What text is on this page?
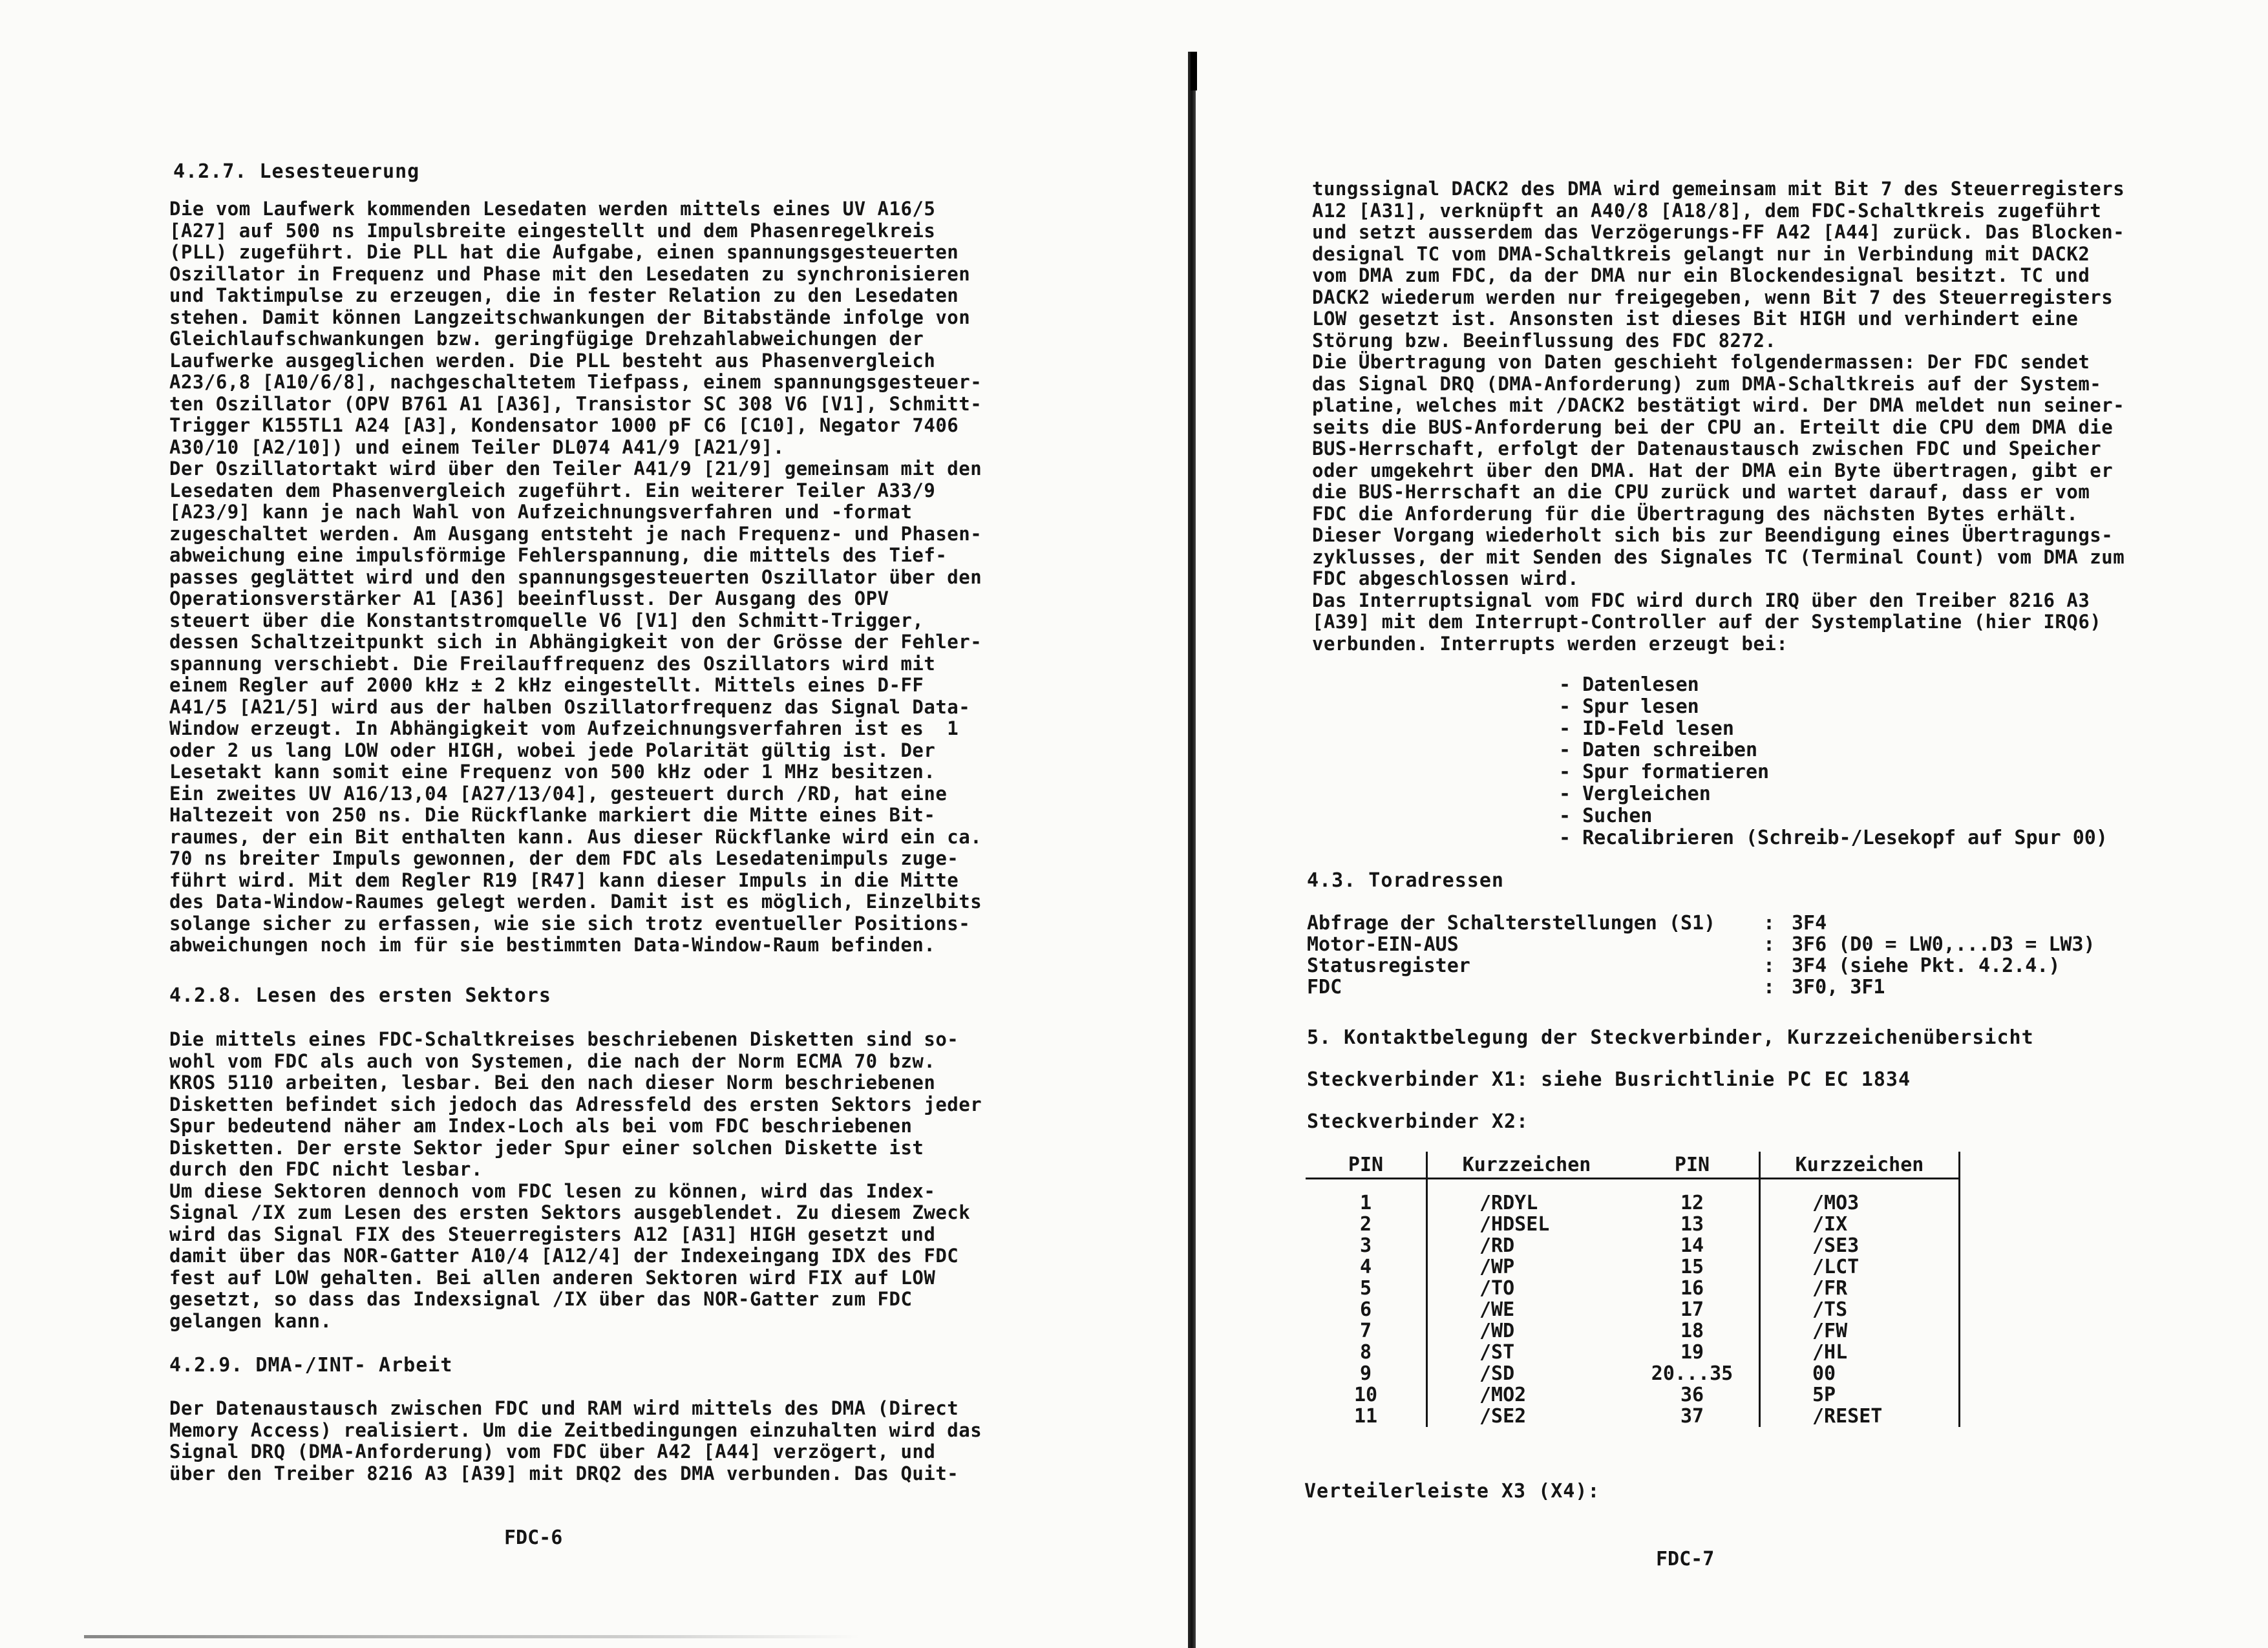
4.2.7. Lesesteuerung
Die vom Laufwerk kommenden Lesedaten werden mittels eines UV A16/5
[A27] auf 500 ns Impulsbreite eingestellt und dem Phasenregelkreis
(PLL) zugeführt. Die PLL hat die Aufgabe, einen spannungsgesteuerten
Oszillator in Frequenz und Phase mit den Lesedaten zu synchronisieren
und Taktimpulse zu erzeugen, die in fester Relation zu den Lesedaten
stehen. Damit können Langzeitschwankungen der Bitabstände infolge von
Gleichlaufschwankungen bzw. geringfügige Drehzahlabweichungen der
Laufwerke ausgeglichen werden. Die PLL besteht aus Phasenvergleich
A23/6,8 [A10/6/8], nachgeschaltetem Tiefpass, einem spannungsgesteuer-
ten Oszillator (OPV B761 A1 [A36], Transistor SC 308 V6 [V1], Schmitt-
Trigger K155TL1 A24 [A3], Kondensator 1000 pF C6 [C10], Negator 7406
A30/10 [A2/10]) und einem Teiler DL074 A41/9 [A21/9].
Der Oszillatortakt wird über den Teiler A41/9 [21/9] gemeinsam mit den
Lesedaten dem Phasenvergleich zugeführt. Ein weiterer Teiler A33/9
[A23/9] kann je nach Wahl von Aufzeichnungsverfahren und -format
zugeschaltet werden. Am Ausgang entsteht je nach Frequenz- und Phasen-
abweichung eine impulsförmige Fehlerspannung, die mittels des Tief-
passes geglättet wird und den spannungsgesteuerten Oszillator über den
Operationsverstärker A1 [A36] beeinflusst. Der Ausgang des OPV
steuert über die Konstantstromquelle V6 [V1] den Schmitt-Trigger,
dessen Schaltzeitpunkt sich in Abhängigkeit von der Grösse der Fehler-
spannung verschiebt. Die Freilauffrequenz des Oszillators wird mit
einem Regler auf 2000 kHz ± 2 kHz eingestellt. Mittels eines D-FF
A41/5 [A21/5] wird aus der halben Oszillatorfrequenz das Signal Data-
Window erzeugt. In Abhängigkeit vom Aufzeichnungsverfahren ist es  1
oder 2 us lang LOW oder HIGH, wobei jede Polarität gültig ist. Der
Lesetakt kann somit eine Frequenz von 500 kHz oder 1 MHz besitzen.
Ein zweites UV A16/13,04 [A27/13/04], gesteuert durch /RD, hat eine
Haltezeit von 250 ns. Die Rückflanke markiert die Mitte eines Bit-
raumes, der ein Bit enthalten kann. Aus dieser Rückflanke wird ein ca.
70 ns breiter Impuls gewonnen, der dem FDC als Lesedatenimpuls zuge-
führt wird. Mit dem Regler R19 [R47] kann dieser Impuls in die Mitte
des Data-Window-Raumes gelegt werden. Damit ist es möglich, Einzelbits
solange sicher zu erfassen, wie sie sich trotz eventueller Positions-
abweichungen noch im für sie bestimmten Data-Window-Raum befinden.
4.2.8. Lesen des ersten Sektors
Die mittels eines FDC-Schaltkreises beschriebenen Disketten sind so-
wohl vom FDC als auch von Systemen, die nach der Norm ECMA 70 bzw.
KROS 5110 arbeiten, lesbar. Bei den nach dieser Norm beschriebenen
Disketten befindet sich jedoch das Adressfeld des ersten Sektors jeder
Spur bedeutend näher am Index-Loch als bei vom FDC beschriebenen
Disketten. Der erste Sektor jeder Spur einer solchen Diskette ist
durch den FDC nicht lesbar.
Um diese Sektoren dennoch vom FDC lesen zu können, wird das Index-
Signal /IX zum Lesen des ersten Sektors ausgeblendet. Zu diesem Zweck
wird das Signal FIX des Steuerregisters A12 [A31] HIGH gesetzt und
damit über das NOR-Gatter A10/4 [A12/4] der Indexeingang IDX des FDC
fest auf LOW gehalten. Bei allen anderen Sektoren wird FIX auf LOW
gesetzt, so dass das Indexsignal /IX über das NOR-Gatter zum FDC
gelangen kann.
4.2.9. DMA-/INT- Arbeit
Der Datenaustausch zwischen FDC und RAM wird mittels des DMA (Direct
Memory Access) realisiert. Um die Zeitbedingungen einzuhalten wird das
Signal DRQ (DMA-Anforderung) vom FDC über A42 [A44] verzögert, und
über den Treiber 8216 A3 [A39] mit DRQ2 des DMA verbunden. Das Quit-
FDC-6
tungssignal DACK2 des DMA wird gemeinsam mit Bit 7 des Steuerregisters
A12 [A31], verknüpft an A40/8 [A18/8], dem FDC-Schaltkreis zugeführt
und setzt ausserdem das Verzögerungs-FF A42 [A44] zurück. Das Blocken-
designal TC vom DMA-Schaltkreis gelangt nur in Verbindung mit DACK2
vom DMA zum FDC, da der DMA nur ein Blockendesignal besitzt. TC und
DACK2 wiederum werden nur freigegeben, wenn Bit 7 des Steuerregisters
LOW gesetzt ist. Ansonsten ist dieses Bit HIGH und verhindert eine
Störung bzw. Beeinflussung des FDC 8272.
Die Übertragung von Daten geschieht folgendermassen: Der FDC sendet
das Signal DRQ (DMA-Anforderung) zum DMA-Schaltkreis auf der System-
platine, welches mit /DACK2 bestätigt wird. Der DMA meldet nun seiner-
seits die BUS-Anforderung bei der CPU an. Erteilt die CPU dem DMA die
BUS-Herrschaft, erfolgt der Datenaustausch zwischen FDC und Speicher
oder umgekehrt über den DMA. Hat der DMA ein Byte übertragen, gibt er
die BUS-Herrschaft an die CPU zurück und wartet darauf, dass er vom
FDC die Anforderung für die Übertragung des nächsten Bytes erhält.
Dieser Vorgang wiederholt sich bis zur Beendigung eines Übertragungs-
zyklusses, der mit Senden des Signales TC (Terminal Count) vom DMA zum
FDC abgeschlossen wird.
Das Interruptsignal vom FDC wird durch IRQ über den Treiber 8216 A3
[A39] mit dem Interrupt-Controller auf der Systemplatine (hier IRQ6)
verbunden. Interrupts werden erzeugt bei:
- Datenlesen
- Spur lesen
- ID-Feld lesen
- Daten schreiben
- Spur formatieren
- Vergleichen
- Suchen
- Recalibrieren (Schreib-/Lesekopf auf Spur 00)
4.3. Toradressen
Abfrage der Schalterstellungen (S1) : 3F4
Motor-EIN-AUS	: 3F6 (D0 = LW0,...D3 = LW3)
Statusregister	: 3F4 (siehe Pkt. 4.2.4.)
FDC	: 3F0, 3F1
5. Kontaktbelegung der Steckverbinder, Kurzzeichenübersicht
Steckverbinder X1: siehe Busrichtlinie PC EC 1834
Steckverbinder X2:
PIN	Kurzzeichen	PIN	Kurzzeichen

1	/RDYL	12	/MO3
2	/HDSEL	13	/IX
3	/RD	14	/SE3
4	/WP	15	/LCT
5	/TO	16	/FR
6	/WE	17	/TS
7	/WD	18	/FW
8	/ST	19	/HL
9	/SD	20...35	00
10	/MO2	36	5P
11	/SE2	37	/RESET
Verteilerleiste X3 (X4):
FDC-7
